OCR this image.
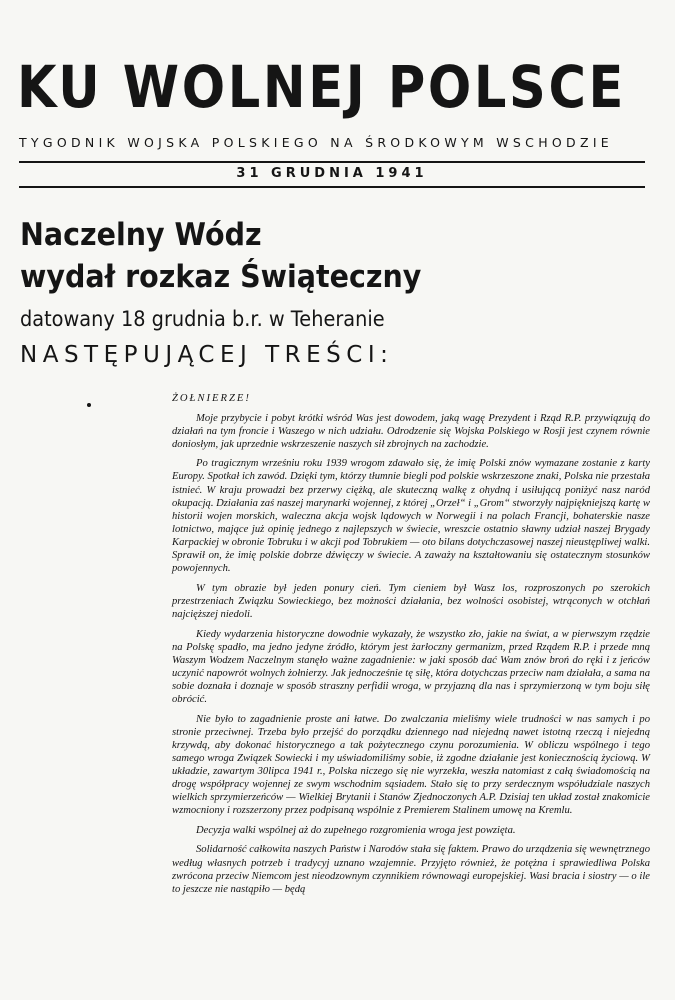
KU WOLNEJ POLSCE
TYGODNIK WOJSKA POLSKIEGO NA ŚRODKOWYM WSCHODZIE
31 GRUDNIA 1941
Naczelny Wódz
wydał rozkaz Świąteczny
datowany 18 grudnia b.r. w Teheranie
NASTĘPUJĄCEJ TREŚCI:

ŻOŁNIERZE!

Moje przybycie i pobyt krótki wśród Was jest dowodem, jaką wagę Prezydent i Rząd R.P. przywiązują do działań na tym froncie i Waszego w nich udziału. Odrodzenie się Wojska Polskiego w Rosji jest czynem równie doniosłym, jak uprzednie wskrzeszenie naszych sił zbrojnych na zachodzie.

Po tragicznym wrześniu roku 1939 wrogom zdawało się, że imię Polski znów wymazane zostanie z karty Europy. Spotkał ich zawód. Dzięki tym, którzy tłumnie biegli pod polskie wskrzeszone znaki, Polska nie przestała istnieć. W kraju prowadzi bez przerwy ciężką, ale skuteczną walkę z ohydną i usiłującą poniżyć nasz naród okupacją. Działania zaś naszej marynarki wojennej, z której „Orzeł“ i „Grom“ stworzyły najpiękniejszą kartę w historii wojen morskich, waleczna akcja wojsk lądowych w Norwegii i na polach Francji, bohaterskie nasze lotnictwo, mające już opinię jednego z najlepszych w świecie, wreszcie ostatnio sławny udział naszej Brygady Karpackiej w obronie Tobruku i w akcji pod Tobrukiem — oto bilans dotychczasowej naszej nieustępliwej walki. Sprawił on, że imię polskie dobrze dźwięczy w świecie. A zaważy na kształtowaniu się ostatecznym stosunków powojennych.

W tym obrazie był jeden ponury cień. Tym cieniem był Wasz los, rozproszonych po szerokich przestrzeniach Związku Sowieckiego, bez możności działania, bez wolności osobistej, wtrąconych w otchłań najcięższej niedoli.

Kiedy wydarzenia historyczne dowodnie wykazały, że wszystko zło, jakie na świat, a w pierwszym rzędzie na Polskę spadło, ma jedno jedyne źródło, którym jest żarłoczny germanizm, przed Rządem R.P. i przede mną Waszym Wodzem Naczelnym stanęło ważne zagadnienie: w jaki sposób dać Wam znów broń do ręki i z jeńców uczynić napowrót wolnych żołnierzy. Jak jednocześnie tę siłę, która dotychczas przeciw nam działała, a sama na sobie doznała i doznaje w sposób straszny perfidii wroga, w przyjazną dla nas i sprzymierzoną w tym boju siłę obrócić.

Nie było to zagadnienie proste ani łatwe. Do zwalczania mieliśmy wiele trudności w nas samych i po stronie przeciwnej. Trzeba było przejść do porządku dziennego nad niejedną nawet istotną rzeczą i niejedną krzywdą, aby dokonać historycznego a tak pożytecznego czynu porozumienia. W obliczu wspólnego i tego samego wroga Związek Sowiecki i my uświadomiliśmy sobie, iż zgodne działanie jest koniecznością życiową. W układzie, zawartym 30lipca 1941 r., Polska niczego się nie wyrzekła, weszła natomiast z całą świadomością na drogę współpracy wojennej ze swym wschodnim sąsiadem. Stało się to przy serdecznym współudziale naszych wielkich sprzymierzeńców — Wielkiej Brytanii i Stanów Zjednoczonych A.P. Dzisiaj ten układ został znakomicie wzmocniony i rozszerzony przez podpisaną wspólnie z Premierem Stalinem umowę na Kremlu.

Decyzja walki wspólnej aż do zupełnego rozgromienia wroga jest powzięta.

Solidarność całkowita naszych Państw i Narodów stała się faktem. Prawo do urządzenia się wewnętrznego według własnych potrzeb i tradycyj uznano wzajemnie. Przyjęto również, że potężna i sprawiedliwa Polska zwrócona przeciw Niemcom jest nieodzownym czynnikiem równowagi europejskiej. Wasi bracia i siostry — o ile to jeszcze nie nastąpiło — będą
